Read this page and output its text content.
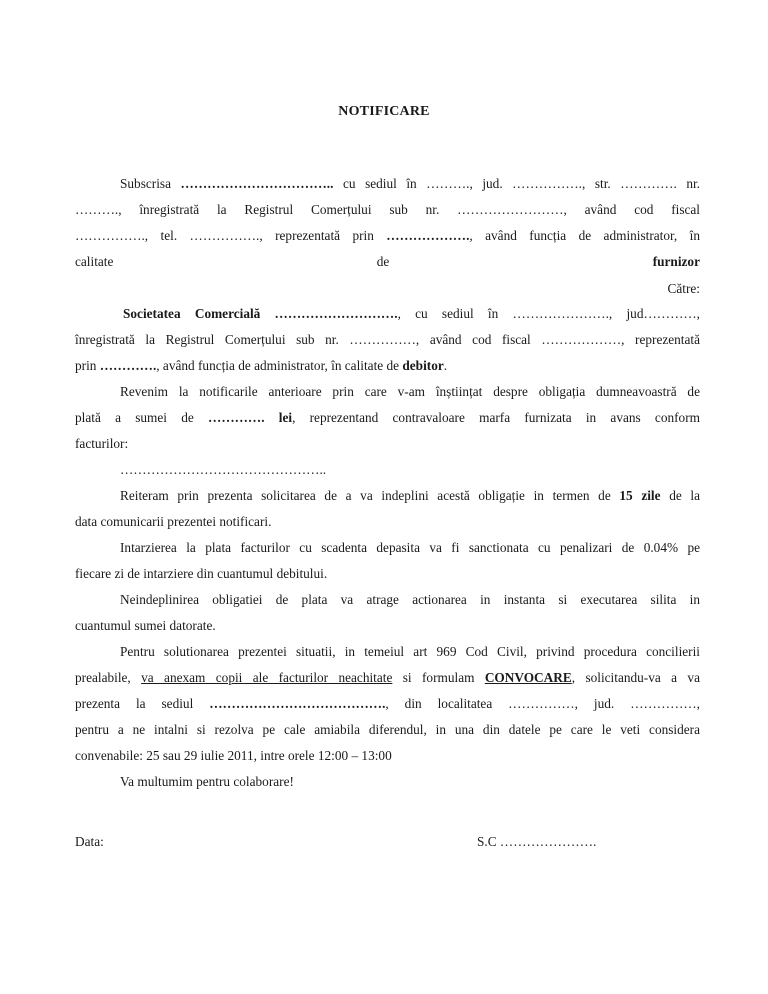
NOTIFICARE
Subscrisa …………………………….. cu sediul în ………., jud. ……………., str. …………. nr.
………., înregistrată la Registrul Comerțului sub nr. ……………………, având cod fiscal
……………., tel. ……………., reprezentată prin ………………., având funcția de administrator, în
calitate	de	furnizor
Către:
Societatea Comercială ………………………., cu sediul în …………………., jud…………,
înregistrată la Registrul Comerțului sub nr. ……………, având cod fiscal ………………, reprezentată
prin …………., având funcția de administrator, în calitate de debitor.
Revenim la notificarile anterioare prin care v-am înștiințat despre obligația dumneavoastră de
plată a sumei de …………. lei, reprezentand contravaloare marfa furnizata in avans conform
facturilor:
………………………………………..
Reiteram prin prezenta solicitarea de a va indeplini acestă obligație in termen de 15 zile de la
data comunicarii prezentei notificari.
Intarzierea la plata facturilor cu scadenta depasita va fi sanctionata cu penalizari de 0.04% pe
fiecare zi de intarziere din cuantumul debitului.
Neindeplinirea obligatiei de plata va atrage actionarea in instanta si executarea silita in
cuantumul sumei datorate.
Pentru solutionarea prezentei situatii, in temeiul art 969 Cod Civil, privind procedura concilierii
prealabile, va anexam copii ale facturilor neachitate si formulam CONVOCARE, solicitandu-va a va
prezenta la sediul …………………………………., din localitatea ……………, jud. ……………,
pentru a ne intalni si rezolva pe cale amiabila diferendul, in una din datele pe care le veti considera
convenabile: 25 sau 29 iulie 2011, intre orele 12:00 – 13:00
Va multumim pentru colaborare!
Data:	S.C ………………….
